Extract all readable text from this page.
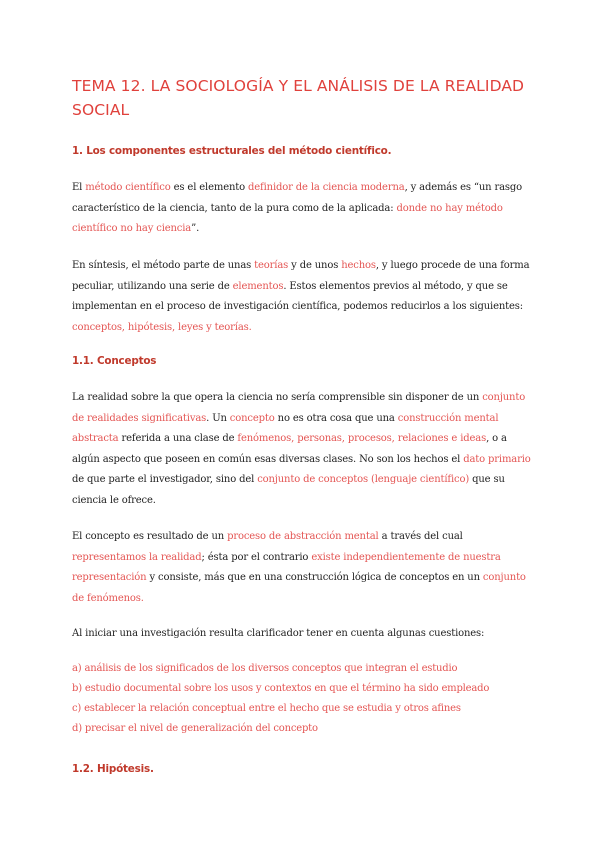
TEMA 12. LA SOCIOLOGÍA Y EL ANÁLISIS DE LA REALIDAD SOCIAL
1. Los componentes estructurales del método científico.

El método científico es el elemento definidor de la ciencia moderna, y además es “un rasgo característico de la ciencia, tanto de la pura como de la aplicada: donde no hay método científico no hay ciencia”.

En síntesis, el método parte de unas teorías y de unos hechos, y luego procede de una forma peculiar, utilizando una serie de elementos. Estos elementos previos al método, y que se implementan en el proceso de investigación científica, podemos reducirlos a los siguientes: conceptos, hipótesis, leyes y teorías.

1.1. Conceptos

La realidad sobre la que opera la ciencia no sería comprensible sin disponer de un conjunto de realidades significativas. Un concepto no es otra cosa que una construcción mental abstracta referida a una clase de fenómenos, personas, procesos, relaciones e ideas, o a algún aspecto que poseen en común esas diversas clases. No son los hechos el dato primario de que parte el investigador, sino del conjunto de conceptos (lenguaje científico) que su ciencia le ofrece.

El concepto es resultado de un proceso de abstracción mental a través del cual representamos la realidad; ésta por el contrario existe independientemente de nuestra representación y consiste, más que en una construcción lógica de conceptos en un conjunto de fenómenos.

Al iniciar una investigación resulta clarificador tener en cuenta algunas cuestiones:

a) análisis de los significados de los diversos conceptos que integran el estudio

b) estudio documental sobre los usos y contextos en que el término ha sido empleado

c) establecer la relación conceptual entre el hecho que se estudia y otros afines

d) precisar el nivel de generalización del concepto

1.2. Hipótesis.
